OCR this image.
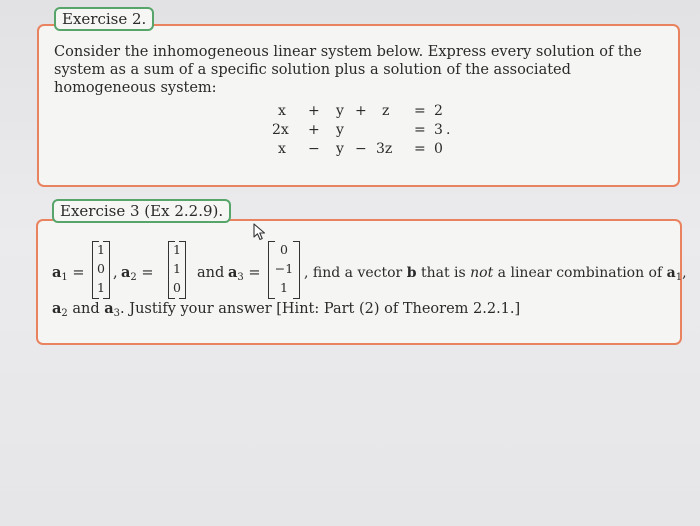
Exercise 2.

Consider the inhomogeneous linear system below. Express every solution of the system as a sum of a specific solution plus a solution of the associated homogeneous system:

x + y + z = 2
2x + y	= 3 .
x − y − 3z = 0
Exercise 3 (Ex 2.2.9).
$a_1$ =
1
0
1
, $a_2$ =
1
1
0
and $a_3$ =
0
−1
1
, find a vector b that is not a linear combination of $a_1$,
$a_2$ and $a_3$. Justify your answer [Hint: Part (2) of Theorem 2.2.1.]
